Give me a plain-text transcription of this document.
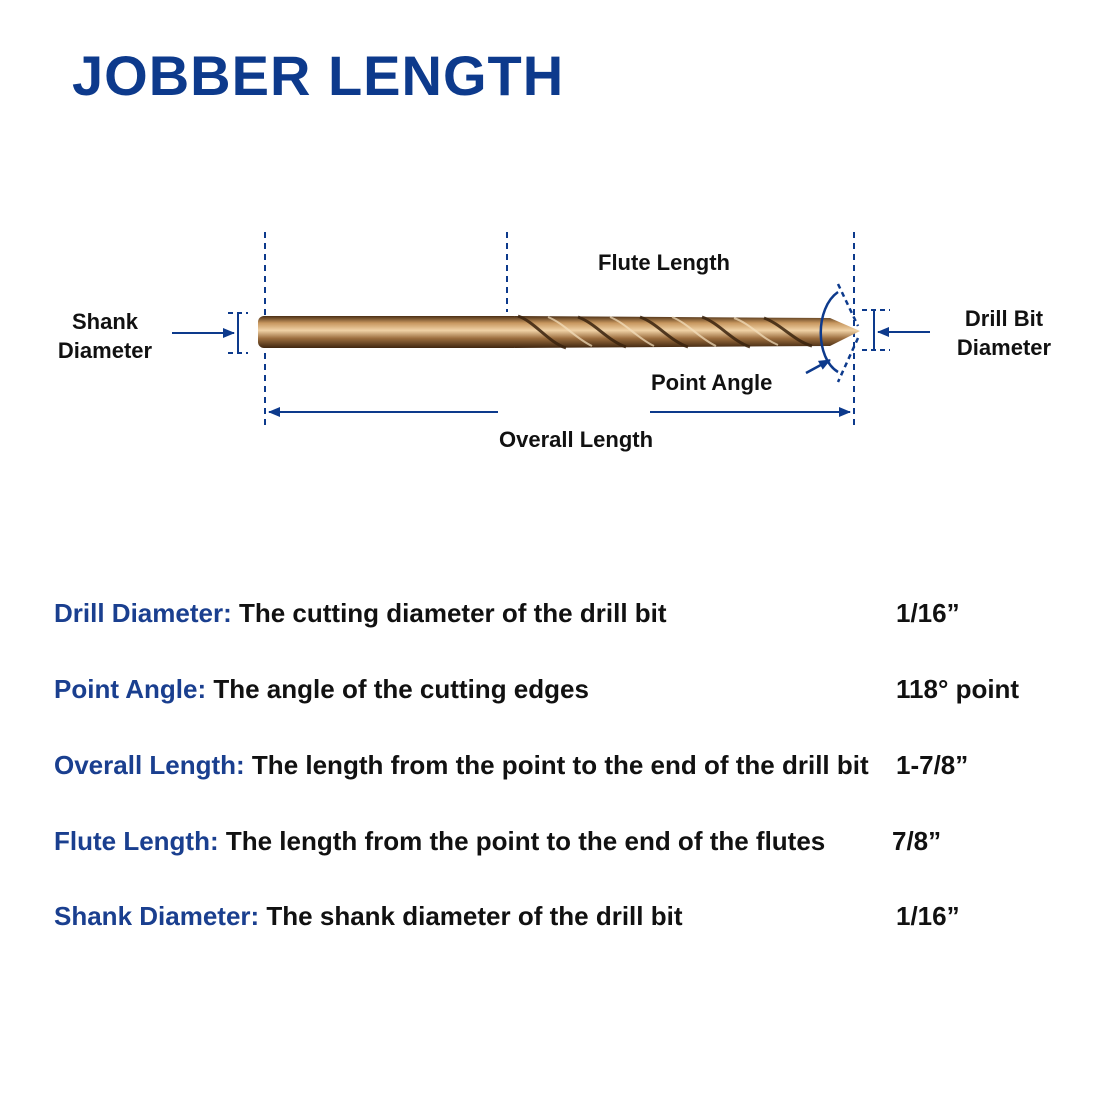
JOBBER LENGTH
Flute Length
Shank
Diameter
Drill Bit
Diameter
Point Angle
Overall Length
Drill Diameter: The cutting diameter of the drill bit	1/16”
Point Angle: The angle of the cutting edges	118° point
Overall Length: The length from the point to the end of the drill bit 1-7/8”
Flute Length: The length from the point to the end of the flutes	7/8”
Shank Diameter: The shank diameter of the drill bit	1/16”
